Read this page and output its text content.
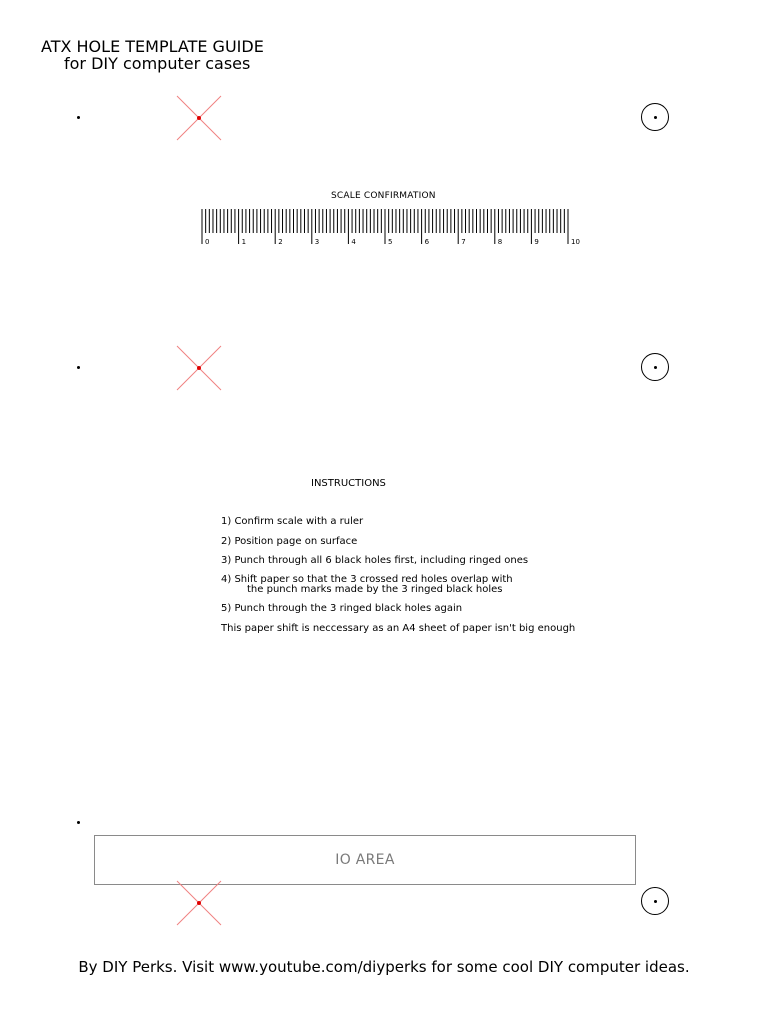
ATX HOLE TEMPLATE GUIDE
for DIY computer cases
SCALE CONFIRMATION
0	1	2	3	4	5	6	7	8	9	10
INSTRUCTIONS
1) Confirm scale with a ruler
2) Position page on surface
3) Punch through all 6 black holes first, including ringed ones
4) Shift paper so that the 3 crossed red holes overlap with
the punch marks made by the 3 ringed black holes
5) Punch through the 3 ringed black holes again
This paper shift is neccessary as an A4 sheet of paper isn't big enough
IO AREA
By DIY Perks. Visit www.youtube.com/diyperks for some cool DIY computer ideas.
